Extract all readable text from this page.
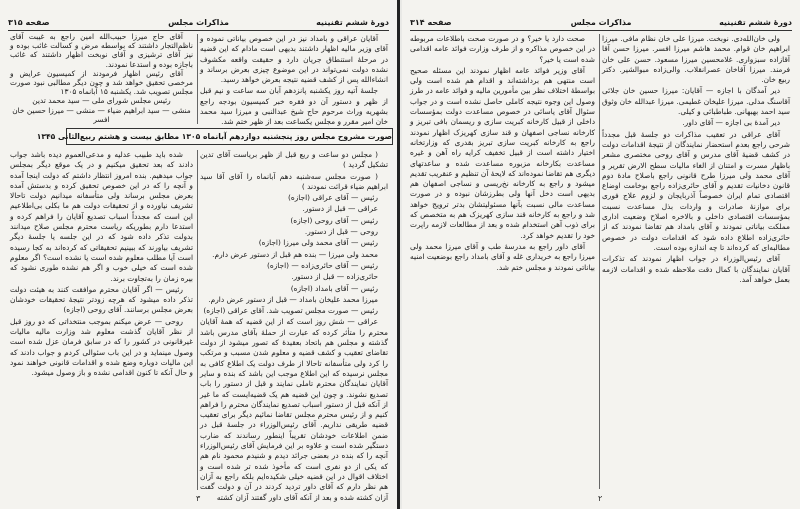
دورهٔ ششم تقنینیه
مذاکرات مجلس
صفحه ۳۱۵

آقایان عراقی و بامداد نیز در این خصوص بیاناتی نموده و آقای وزیر مالیه اظهار داشتند بدیهی است مادام که این قضیه در مرحلهٔ استنطاق جریان دارد و حقیقت واقعه مکشوف نشده دولت نمی‌تواند در این موضوع چیزی بعرض برساند و انشاءالله پس از کشف قضیه نتیجه بعرض خواهد رسید.

جلسهٔ آتیه روز یکشنبه پانزدهم آبان سه ساعت و نیم قبل از ظهر و دستور آن دو فقره خبر کمیسیون بودجه راجع بشهریه وراث مرحوم حاج شیخ عبدالنبی و میرزا سید محمد خان امیر مقرر و مجلس یکساعت بعد از ظهر ختم شد.

آقای حاج میرزا حبیب‌الله امین راجع به غیبت آقای ناظم‌التجار داشتند که بواسطه مرض و کسالت غائب بوده و نیز آقای ترشیزی و آقای نوبخت اظهار داشتند که غائب باجازه بوده و استدعا نمودند.

آقای رئیس اظهار فرمودند از کمیسیون عرایض و مرخصی تحقیق خواهد شد و چون دیگر مطالبی نبود صورت مجلس تصویب شد. یکشنبه ۱۵ آبانماه ۱۳۰۵

رئیس مجلس شورای ملی — سید محمد تدین

منشی — سید ابراهیم ضیاء — منشی — میرزا حسین خان افسر

صورت مشروح مجلس روز پنجشنبه دوازدهم آبانماه ۱۳۰۵ مطابق بیست و هشتم ربیع‌الثانی ۱۳۴۵

( مجلس دو ساعت و ربع قبل از ظهر بریاست آقای تدین تشکیل گردید )

( صورت مجلس سه‌شنبه دهم آبانماه را آقای آقا سید ابراهیم ضیاء قرائت نمودند )

رئیس — آقای عراقی (اجازه)

عراقی — قبل از دستور.

رئیس — آقای روحی (اجازه)

روحی — قبل از دستور.

رئیس — آقای محمد ولی میرزا (اجازه)

محمد ولی میرزا — بنده هم قبل از دستور عرض دارم.

رئیس — آقای حائری‌زاده — (اجازه)

حائری‌زاده — قبل از دستور.

رئیس — آقای بامداد (اجازه)

میرزا محمد علیخان بامداد — قبل از دستور عرض دارم.

رئیس — صورت مجلس تصویب شد. آقای عراقی (اجازه)

عراقی — شش روز است که از این قضیه که همهٔ آقایان محترم را متأثر کرده که عبارت از حملهٔ بآقای مدرس باشد گذشته و مجلس هم باتحاد بعقیدهٔ که تصور میشود از دولت تقاضای تعقیب و کشف قضیه و معلوم شدن مسبب و مرتکب را کرد ولی متأسفانه تاحالا از طرف دولت یک اطلاع کافی به مجلس نرسیده که این اطلاع موجب این باشد که بنده و سایر آقایان نمایندگان محترم تاملی نمایند و قبل از دستور را باب تصدیع نشوند. و چون این قضیه هم یک قضیه‌ایست که ما غیر از آنکه قبل از دستور اسباب تصدیع نمایندگان محترم را فراهم کنیم و از رئیس محترم مجلس تقاضا نمائیم دیگر برای تعقیب قضیه طریقی نداریم. آقای رئیس‌الوزراء در جلسهٔ قبل در ضمن اطلاعات خودشان تقریباً اینطور رساندند که ضارب دستگیر شده است و علاوه بر این فرمایش آقای رئیس‌الوزراء آنچه را که بنده در بعضی جرائد دیدم و شنیدم محمود نام هم که یکی از دو نفری است که مأخوذ شده تر شده است و اختلاف اقوال در این قضیه خیلی شکیده‌ایم بلکه راجع به آزان هم نظر دارم که آقای داور تردید کردند در آن و دولت گفت آزان کشته شده و بعد از آنکه آقای داور گفتند آزان کشته

شده باید طبیب عدلیه و مدعی‌العموم دیده باشد جواب دادند که بعد تحقیق میکنیم و در یک موقع دیگر بمجلس جواب میدهیم. بنده امروز انتظار داشتم که دولت اینجا آمده و آنچه را که در این خصوص تحقیق کرده و بدستش آمده بعرض مجلس برساند ولی متأسفانه میدانیم دولت تاحالا تشریف نیاورده و از تحقیقات دولت هم ما بکلی بی‌اطلاعیم این است که مجدداً اسباب تصدیع آقایان را فراهم کرده و استدعا دارم بطوریکه ریاست محترم مجلس صلاح میدانند بدولت تذکر داده شود که در این جلسه یا جلسهٔ دیگر تشریف بیاورند که ببینیم تحقیقاتی که کرده‌اند به کجا رسیده است آیا مطلب معلوم شده است یا نشده است؟ اگر معلوم شده است که خیلی خوب و اگر هم نشده طوری نشود که بیره زمان را به‌تجاوت برند.

رئیس — اگر آقایان محترم موافقت کنند به هیئت دولت تذکر داده میشود که هرچه زودتر نتیجهٔ تحقیقات خودشان بعرض مجلس برسانند. آقای روحی (اجازه)

روحی — عرض میکنم بموجب منتخداتی که دو روز قبل از نظر آقایان گذشت معلوم شد وزارت مالیه مالیات غیرقانونی در کشور را که در سابق فرمان عزل شده است وصول مینماید و در این باب سئوالی کردم و جواب دادند که این مالیات دوباره وضع شده و اقدامات قانونی خواهند نمود و حال آنکه تا کنون اقدامی نشده و باز وصول میشود.

۳
دورهٔ ششم تقنینیه
مذاکرات مجلس
صفحه ۳۱۴

ولی خان‌الله‌دی. نوبخت. میرزا علی خان نظام مافی. میرزا ابراهیم خان قوام. محمد هاشم میرزا افسر. میرزا حسن آقا آقازاده سبزواری. غلامحسین میرزا مسعود. حسن علی خان فرمند. میرزا آقاخان عصرانقلاب. والی‌زاده مبوالشیر. دکتر ربیع خان.

دیر آمدگان با اجازه — آقایان: میرزا حسین خان جلائی آقاسنگ مدلی. میرزا علیخان غطیمی. میرزا عبدالله خان وثوق سید احمد بهبهانی. طباطبائی و کیلی.

دیر آمدهٔ بی اجازه — آقای داور.

آقای عراقی در تعقیب مذاکرات دو جلسهٔ قبل مجدداً شرحی راجع بعدم استحضار نمایندگان از نتیجهٔ اقدامات دولت در کشف قضیهٔ آقای مدرس و آقای روحی مختصری مشعر باظهار مسرت و امتنان از الغاء مالیات سطح الارض تقریر و آقای محمد ولی میرزا طرح قانونی راجع باصلاح مادهٔ دوم قانون دخانیات تقدیم و آقای حائری‌زاده راجع بوخامت اوضاع اقتصادی تمام ایران خصوصاً آذربایجان و لزوم علاج فوری برای موازنهٔ صادرات و واردات بذل مساعدت نسبت بمؤسسات اقتصادی داخلی و بالاخره اصلاح وضعیت اداری مملکت بیاناتی نمودند و آقای بامداد هم تقاضا نمودند که از حائری‌زاده اطلاع داده شود که اقدامات دولت در خصوص مطالبه‌ای که کرده‌اند تا چه اندازه بوده است.

آقای رئیس‌الوزراء در جواب اظهار نمودند که تذکرات آقایان نمایندگان با کمال دقت ملاحظه شده و اقدامات لازمه بعمل خواهد آمد.

صحت دارد یا خیر؟ و در صورت صحت باطلاعات مربوطه در این خصوص مذاکره و از طرف وزارت فوائد عامه اقدامی شده است یا خیر؟

آقای وزیر فوائد عامه اظهار نمودند این مسئله صحیح است منتهی هم برداشته‌اند و اقدام هم شده است ولی بواسطهٔ اختلاف نظر بین مأمورین مالیه و فوائد عامه در طرز وصول این وجوه نتیجه کاملی حاصل نشده است و در جواب سئوال آقای یاسائی در خصوص مساعدت دولت بمؤسسات داخلی از قبیل کارخانه کبریت سازی و ریسمان بافی تبریز و کارخانه نساجی اصفهان و قند سازی کهریزک اظهار نمودند راجع به کارخانه کبریت سازی تبریز بقدری که وزارتخانه اختیار داشته است از قبیل تخفیف کرایه راه آهن و غیره مساعدت بکارخانه مزبوره مساعدت شده و ساعدتهای دیگری هم تقاضا نموده‌اند که لایحهٔ آن تنظیم و عنقریب تقدیم میشود و راجع به کارخانه نخ‌ریسی و نساجی اصفهان هم بدیهی است دخل آنها ولی بطرزشان نبوده و در صورت مساعدت مالی نسبت بآنها مسئولیتشان بدتر ترویج خواهد شد و راجع به کارخانه قند سازی کهریزک هم به متخصص که برای ذوب آهن استخدام شده و بعد از مطالعات لازمه راپرت خود را تقدیم خواهد کرد.

آقای داور راجع به مدرسهٔ طب و آقای میرزا محمد ولی میرزا راجع به خریداری غله و آقای بامداد راجع بوضعیت امنیه بیاناتی نمودند و مجلس ختم شد.

۲
